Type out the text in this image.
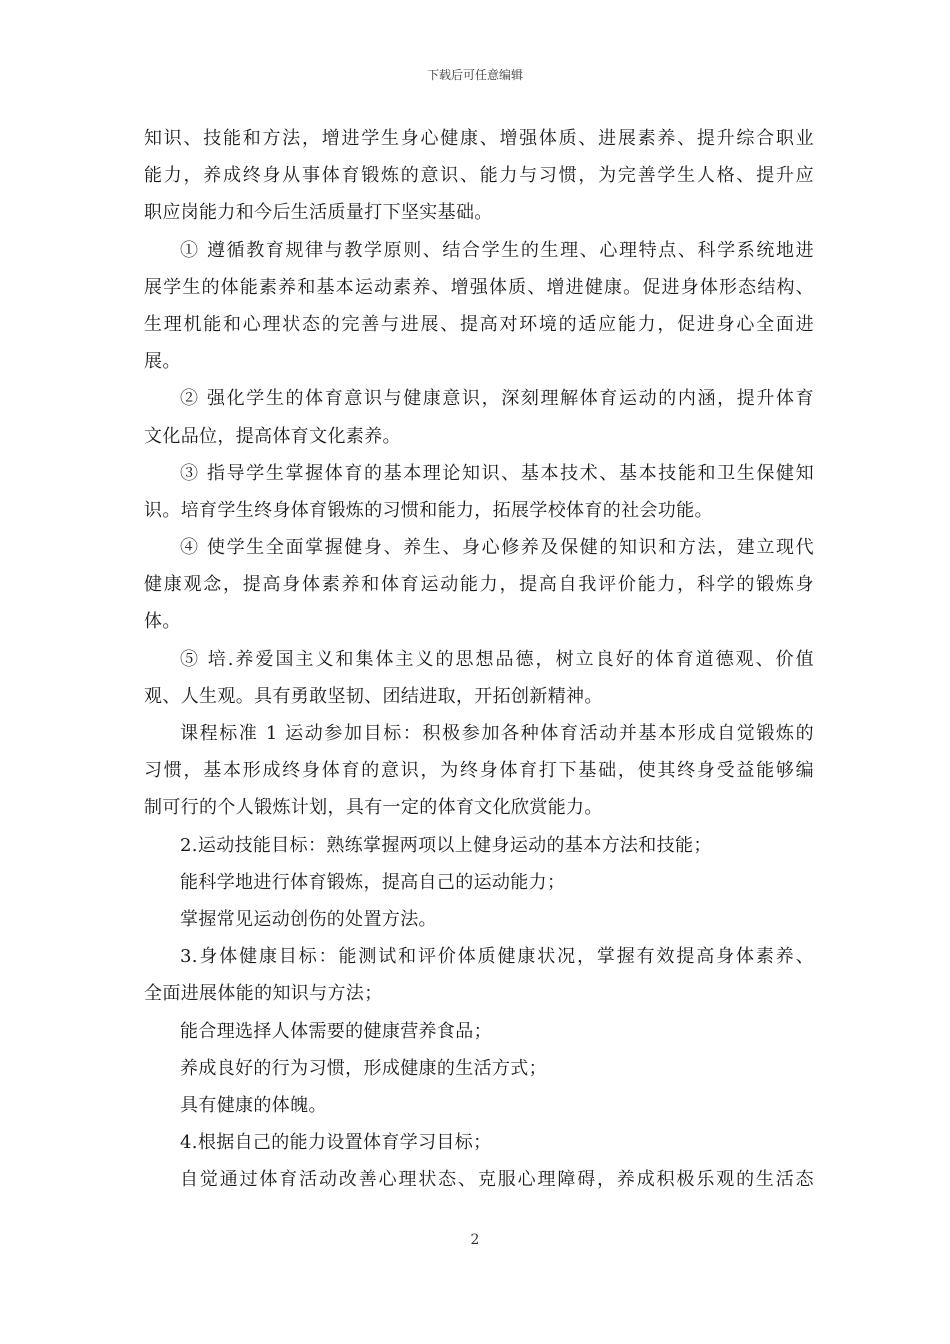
下载后可任意编辑
知识、技能和方法，增进学生身心健康、增强体质、进展素养、提升综合职业
能力，养成终身从事体育锻炼的意识、能力与习惯，为完善学生人格、提升应
职应岗能力和今后生活质量打下坚实基础。
① 遵循教育规律与教学原则、结合学生的生理、心理特点、科学系统地进
展学生的体能素养和基本运动素养、增强体质、增进健康。促进身体形态结构、
生理机能和心理状态的完善与进展、提高对环境的适应能力，促进身心全面进
展。
② 强化学生的体育意识与健康意识，深刻理解体育运动的内涵，提升体育
文化品位，提高体育文化素养。
③ 指导学生掌握体育的基本理论知识、基本技术、基本技能和卫生保健知
识。培育学生终身体育锻炼的习惯和能力，拓展学校体育的社会功能。
④ 使学生全面掌握健身、养生、身心修养及保健的知识和方法，建立现代
健康观念，提高身体素养和体育运动能力，提高自我评价能力，科学的锻炼身
体。
⑤ 培.养爱国主义和集体主义的思想品德，树立良好的体育道德观、价值
观、人生观。具有勇敢坚韧、团结进取，开拓创新精神。
课程标准 1 运动参加目标：积极参加各种体育活动并基本形成自觉锻炼的
习惯，基本形成终身体育的意识，为终身体育打下基础，使其终身受益能够编
制可行的个人锻炼计划，具有一定的体育文化欣赏能力。
2.运动技能目标：熟练掌握两项以上健身运动的基本方法和技能；
能科学地进行体育锻炼，提高自己的运动能力；
掌握常见运动创伤的处置方法。
3.身体健康目标：能测试和评价体质健康状况，掌握有效提高身体素养、
全面进展体能的知识与方法；
能合理选择人体需要的健康营养食品；
养成良好的行为习惯，形成健康的生活方式；
具有健康的体魄。
4.根据自己的能力设置体育学习目标；
自觉通过体育活动改善心理状态、克服心理障碍，养成积极乐观的生活态
2
